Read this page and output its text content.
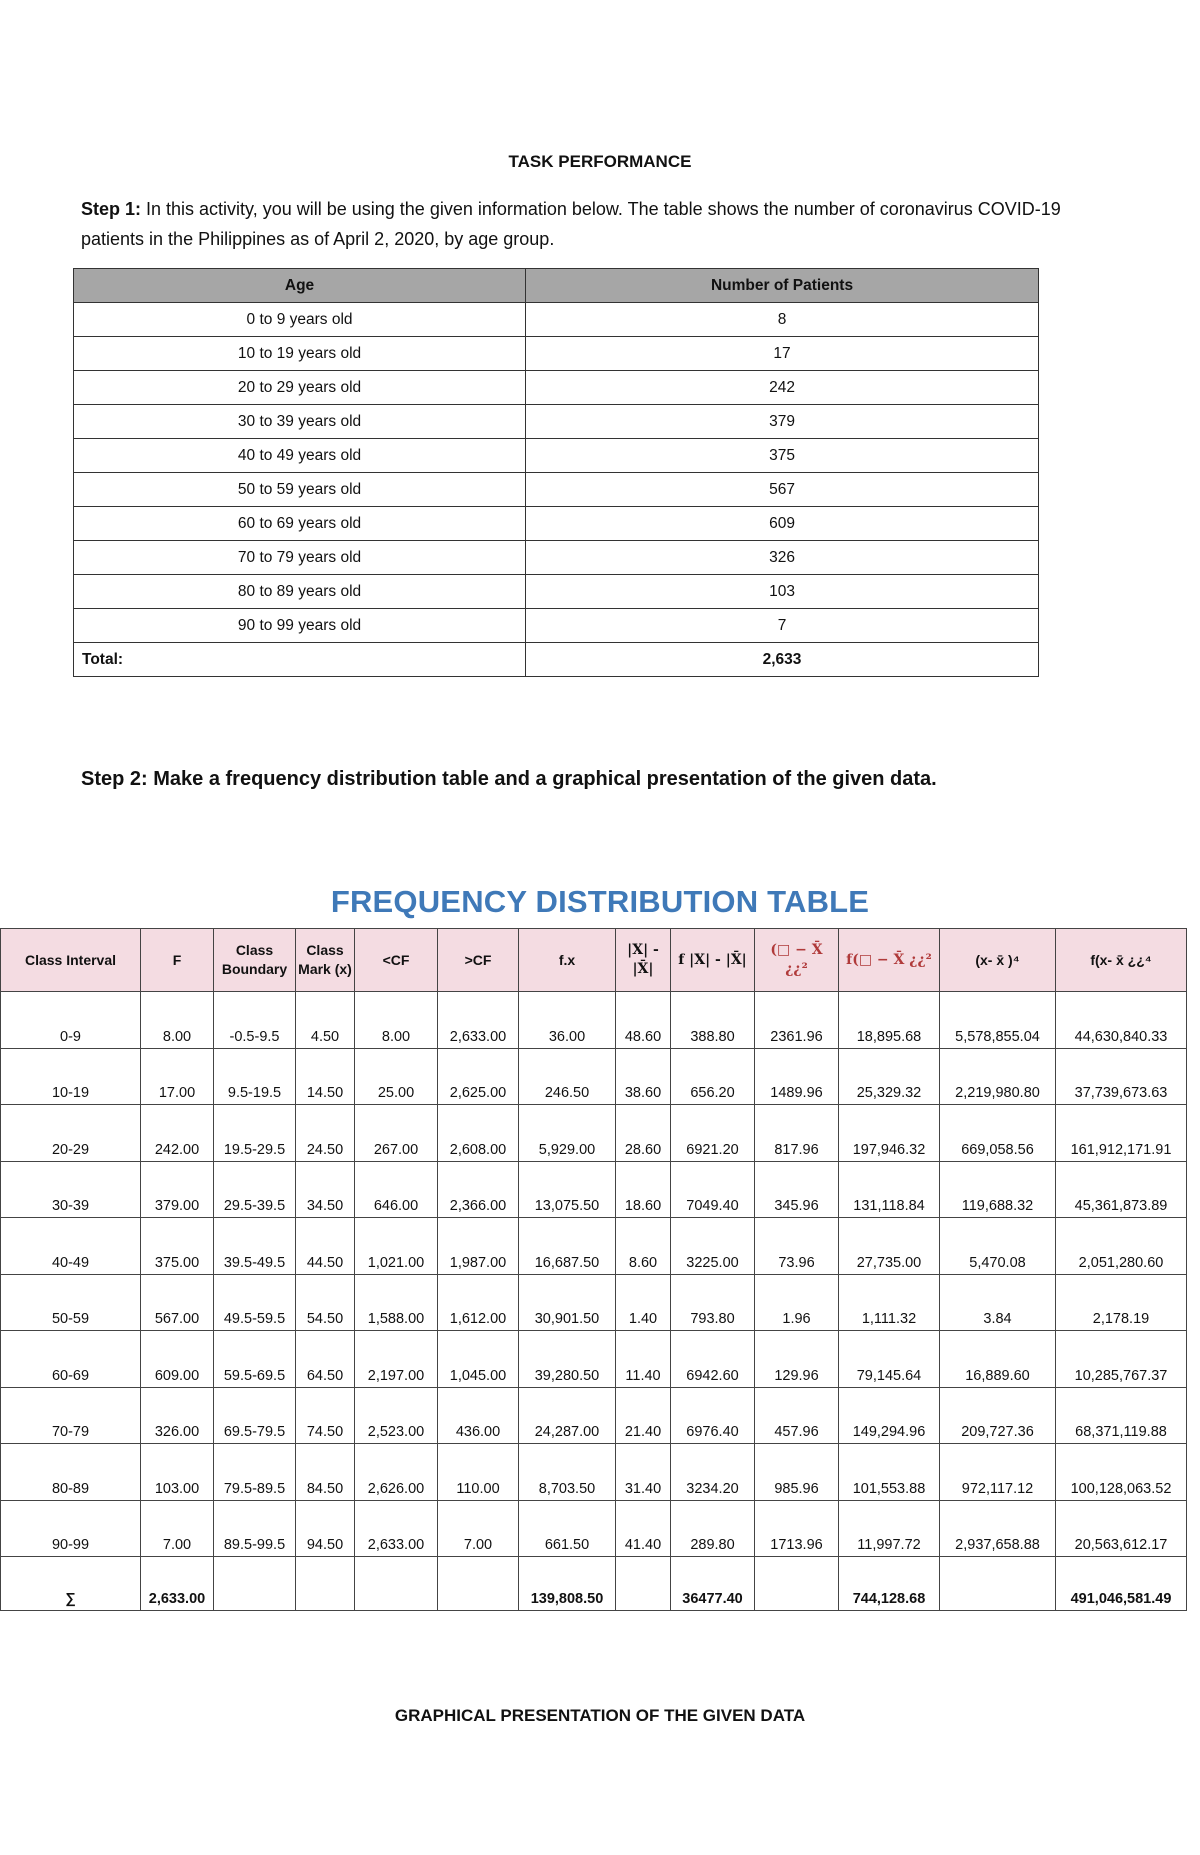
TASK PERFORMANCE
Step 1: In this activity, you will be using the given information below. The table shows the number of coronavirus COVID-19 patients in the Philippines as of April 2, 2020, by age group.
Age	Number of Patients
0 to 9 years old	8
10 to 19 years old	17
20 to 29 years old	242
30 to 39 years old	379
40 to 49 years old	375
50 to 59 years old	567
60 to 69 years old	609
70 to 79 years old	326
80 to 89 years old	103
90 to 99 years old	7
Total:	2,633
Step 2: Make a frequency distribution table and a graphical presentation of the given data.
FREQUENCY DISTRIBUTION TABLE
Class Interval	F	Class Boundary	Class Mark (x)	<CF	>CF	f.x	|X| - |X̄|	f |X| - |X̄|	(□ − X̄ ¿¿²	f(□ − X̄ ¿¿²	(x- x̄ )⁴	f(x- x̄ ¿¿⁴
0-9	8.00	-0.5-9.5	4.50	8.00	2,633.00	36.00	48.60	388.80	2361.96	18,895.68	5,578,855.04	44,630,840.33
10-19	17.00	9.5-19.5	14.50	25.00	2,625.00	246.50	38.60	656.20	1489.96	25,329.32	2,219,980.80	37,739,673.63
20-29	242.00	19.5-29.5	24.50	267.00	2,608.00	5,929.00	28.60	6921.20	817.96	197,946.32	669,058.56	161,912,171.91
30-39	379.00	29.5-39.5	34.50	646.00	2,366.00	13,075.50	18.60	7049.40	345.96	131,118.84	119,688.32	45,361,873.89
40-49	375.00	39.5-49.5	44.50	1,021.00	1,987.00	16,687.50	8.60	3225.00	73.96	27,735.00	5,470.08	2,051,280.60
50-59	567.00	49.5-59.5	54.50	1,588.00	1,612.00	30,901.50	1.40	793.80	1.96	1,111.32	3.84	2,178.19
60-69	609.00	59.5-69.5	64.50	2,197.00	1,045.00	39,280.50	11.40	6942.60	129.96	79,145.64	16,889.60	10,285,767.37
70-79	326.00	69.5-79.5	74.50	2,523.00	436.00	24,287.00	21.40	6976.40	457.96	149,294.96	209,727.36	68,371,119.88
80-89	103.00	79.5-89.5	84.50	2,626.00	110.00	8,703.50	31.40	3234.20	985.96	101,553.88	972,117.12	100,128,063.52
90-99	7.00	89.5-99.5	94.50	2,633.00	7.00	661.50	41.40	289.80	1713.96	11,997.72	2,937,658.88	20,563,612.17
∑	2,633.00					139,808.50		36477.40		744,128.68		491,046,581.49
GRAPHICAL PRESENTATION OF THE GIVEN DATA
